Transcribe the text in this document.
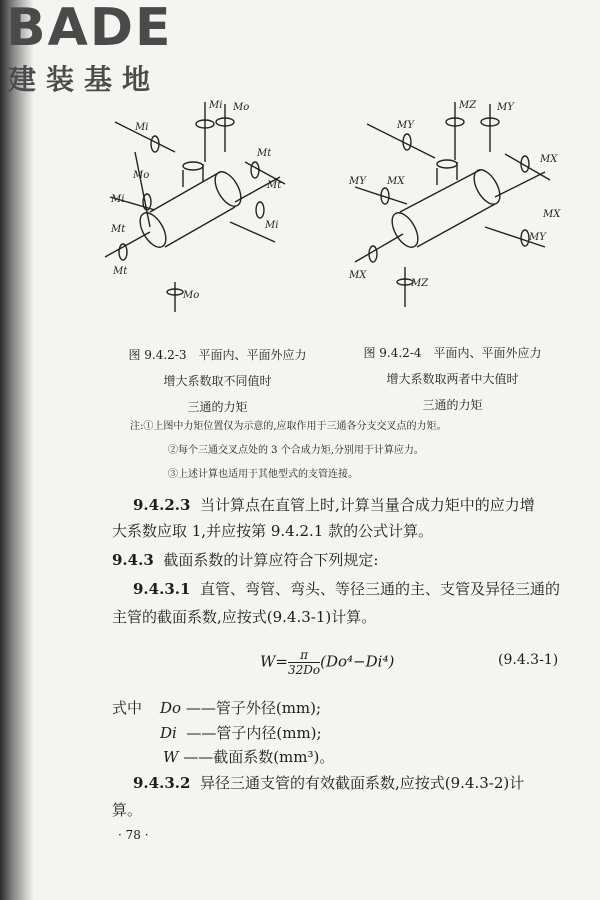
BADE
建装基地
Mi Mo
Mi
Mt
Mo
Mt
Mi
Mi
Mt
Mt
Mo
MZ MY
MY
MX
MY MX
MX
MY
MX
MZ
图 9.4.2-3　平面内、平面外应力
增大系数取不同值时
三通的力矩
图 9.4.2-4　平面内、平面外应力
增大系数取两者中大值时
三通的力矩
注:①上图中力矩位置仅为示意的,应取作用于三通各分支交叉点的力矩。
②每个三通交叉点处的 3 个合成力矩,分别用于计算应力。
③上述计算也适用于其他型式的支管连接。
9.4.2.3 当计算点在直管上时,计算当量合成力矩中的应力增
大系数应取 1,并应按第 9.4.2.1 款的公式计算。
9.4.3 截面系数的计算应符合下列规定:
9.4.3.1 直管、弯管、弯头、等径三通的主、支管及异径三通的
主管的截面系数,应按式(9.4.3-1)计算。
$W= \frac{\pi}{32Do} (Do^4-Di^4)$	(9.4.3-1)
式中 Do ——管子外径(mm);
Di ——管子内径(mm);
W ——截面系数(mm³)。
9.4.3.2 异径三通支管的有效截面系数,应按式(9.4.3-2)计
算。
· 78 ·
